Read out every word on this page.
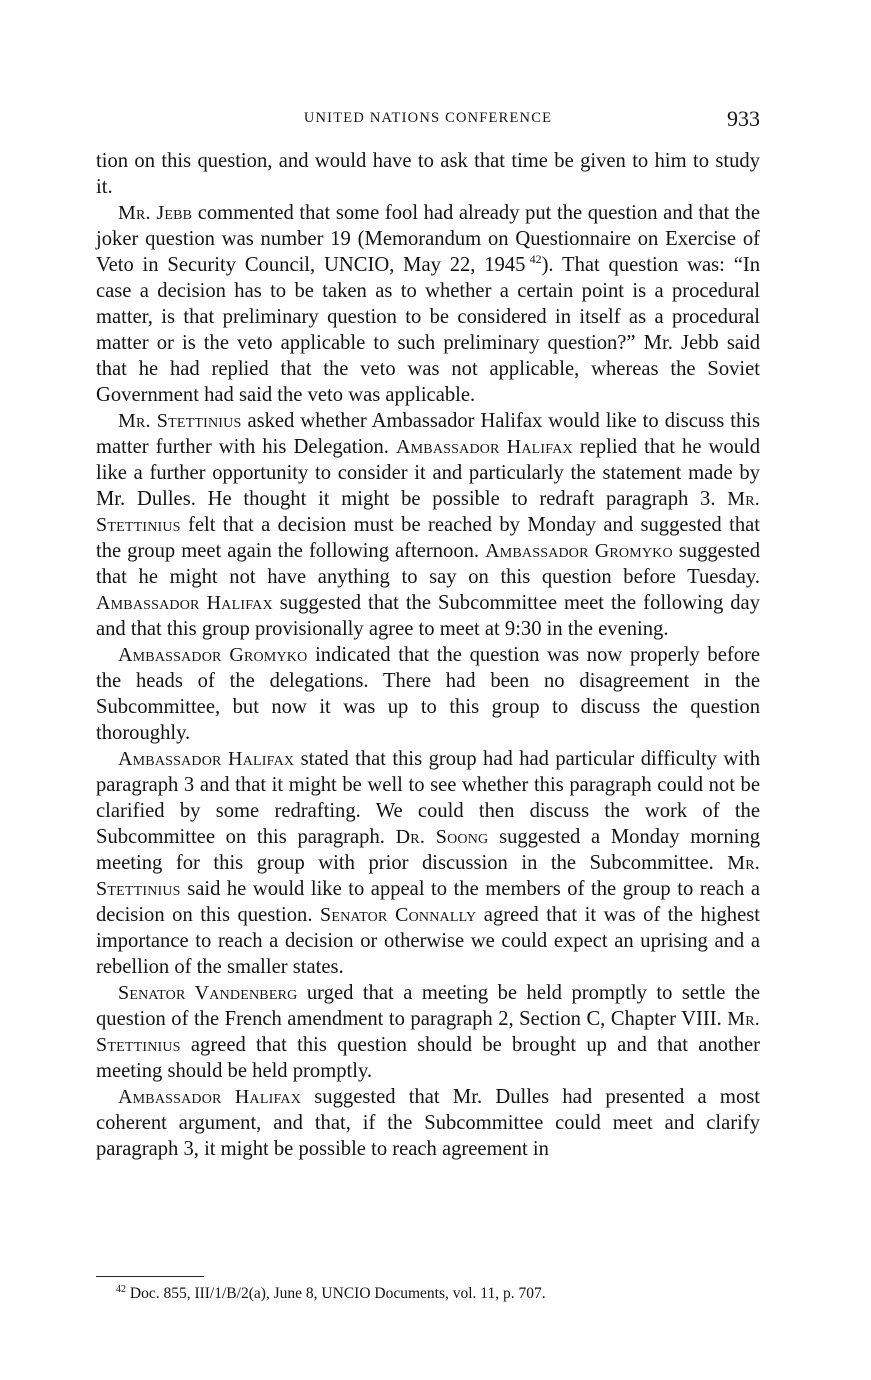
UNITED NATIONS CONFERENCE	933

tion on this question, and would have to ask that time be given to him to study it.

Mr. Jebb commented that some fool had already put the question and that the joker question was number 19 (Memorandum on Questionnaire on Exercise of Veto in Security Council, UNCIO, May 22, 1945  $^{42}$). That question was: “In case a decision has to be taken as to whether a certain point is a procedural matter, is that preliminary question to be considered in itself as a procedural matter or is the veto applicable to such preliminary question?” Mr. Jebb said that he had replied that the veto was not applicable, whereas the Soviet Government had said the veto was applicable.

Mr. Stettinius asked whether Ambassador Halifax would like to discuss this matter further with his Delegation. Ambassador Halifax replied that he would like a further opportunity to consider it and particularly the statement made by Mr. Dulles. He thought it might be possible to redraft paragraph 3. Mr. Stettinius felt that a decision must be reached by Monday and suggested that the group meet again the following afternoon. Ambassador Gromyko suggested that he might not have anything to say on this question before Tuesday. Ambassador Halifax suggested that the Subcommittee meet the following day and that this group provisionally agree to meet at 9:30 in the evening.

Ambassador Gromyko indicated that the question was now properly before the heads of the delegations. There had been no disagreement in the Subcommittee, but now it was up to this group to discuss the question thoroughly.

Ambassador Halifax stated that this group had had particular difficulty with paragraph 3 and that it might be well to see whether this paragraph could not be clarified by some redrafting. We could then discuss the work of the Subcommittee on this paragraph. Dr. Soong suggested a Monday morning meeting for this group with prior discussion in the Subcommittee. Mr. Stettinius said he would like to appeal to the members of the group to reach a decision on this question. Senator Connally agreed that it was of the highest importance to reach a decision or otherwise we could expect an uprising and a rebellion of the smaller states.

Senator Vandenberg urged that a meeting be held promptly to settle the question of the French amendment to paragraph 2, Section C, Chapter VIII. Mr. Stettinius agreed that this question should be brought up and that another meeting should be held promptly.

Ambassador Halifax suggested that Mr. Dulles had presented a most coherent argument, and that, if the Subcommittee could meet and clarify paragraph 3, it might be possible to reach agreement in

$^{42}$ Doc. 855, III/1/B/2(a), June 8, UNCIO Documents, vol. 11, p. 707.
